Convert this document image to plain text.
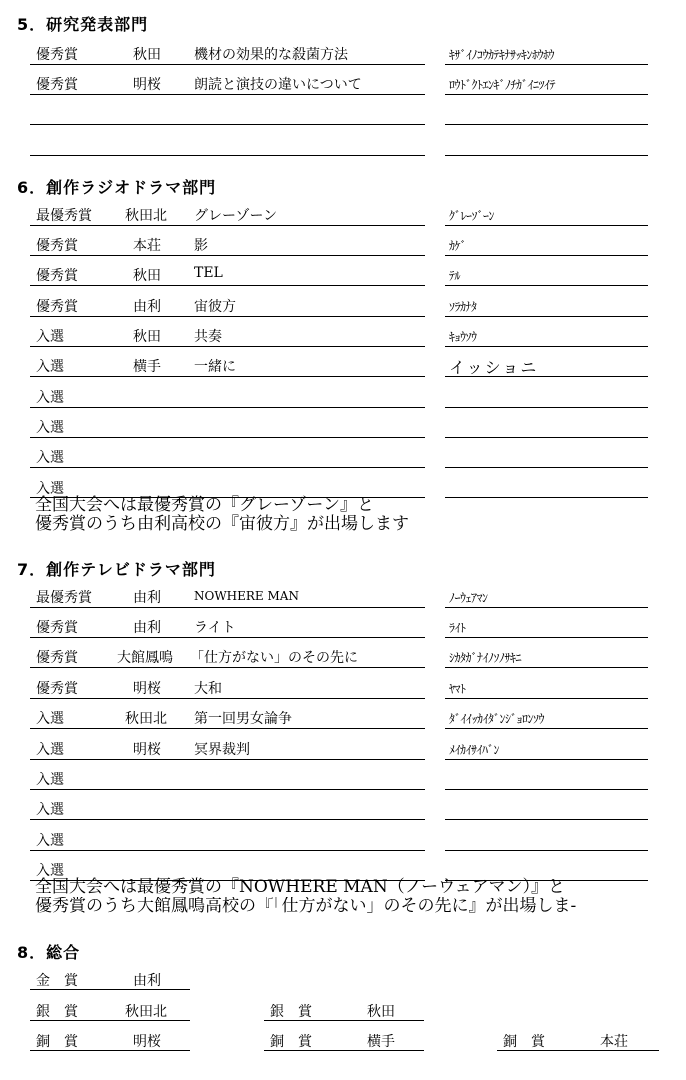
5．研究発表部門
優秀賞	秋田 機材の効果的な殺菌方法	ｷｻﾞｲﾉｺｳｶﾃｷﾅｻｯｷﾝﾎｳﾎｳ
優秀賞	明桜 朗読と演技の違いについて	ﾛｳﾄﾞｸﾄｴﾝｷﾞﾉﾁｶﾞｲﾆﾂｲﾃ
6．創作ラジオドラマ部門
最優秀賞 秋田北 グレーゾーン	ｸﾞﾚｰｿﾞｰﾝ
優秀賞	本荘 影	ｶｹﾞ
優秀賞	秋田 TEL	ﾃﾙ
優秀賞	由利 宙彼方	ｿﾗｶﾅﾀ
入選	秋田 共奏	ｷｮｳｿｳ
入選	横手 一緒に	イッショニ
入選
入選
入選
入選
全国大会へは最優秀賞の『グレーゾーン』と
優秀賞のうち由利高校の『宙彼方』が出場します
7．創作テレビドラマ部門
最優秀賞	由利	NOWHERE MAN	ﾉｰｳｪｱﾏﾝ
優秀賞	由利 ライト	ﾗｲﾄ
優秀賞	大館鳳鳴 「仕方がない」のその先に	ｼｶﾀｶﾞﾅｲﾉｿﾉｻｷﾆ
優秀賞	明桜 大和	ﾔﾏﾄ
入選	秋田北 第一回男女論争	ﾀﾞｲｲｯｶｲﾀﾞﾝｼﾞｮﾛﾝｿｳ
入選	明桜 冥界裁判	ﾒｲｶｲｻｲﾊﾞﾝ
入選
入選
入選
入選
全国大会へは最優秀賞の『NOWHERE MAN（ノーウェアマン）』と
優秀賞のうち大館鳳鳴高校の『「仕方がない」のその先に』が出場しま-
8．総合
金　賞	由利
銀　賞	秋田北	銀　賞	秋田
銅　賞	明桜	銅　賞	横手	銅　賞	本荘
